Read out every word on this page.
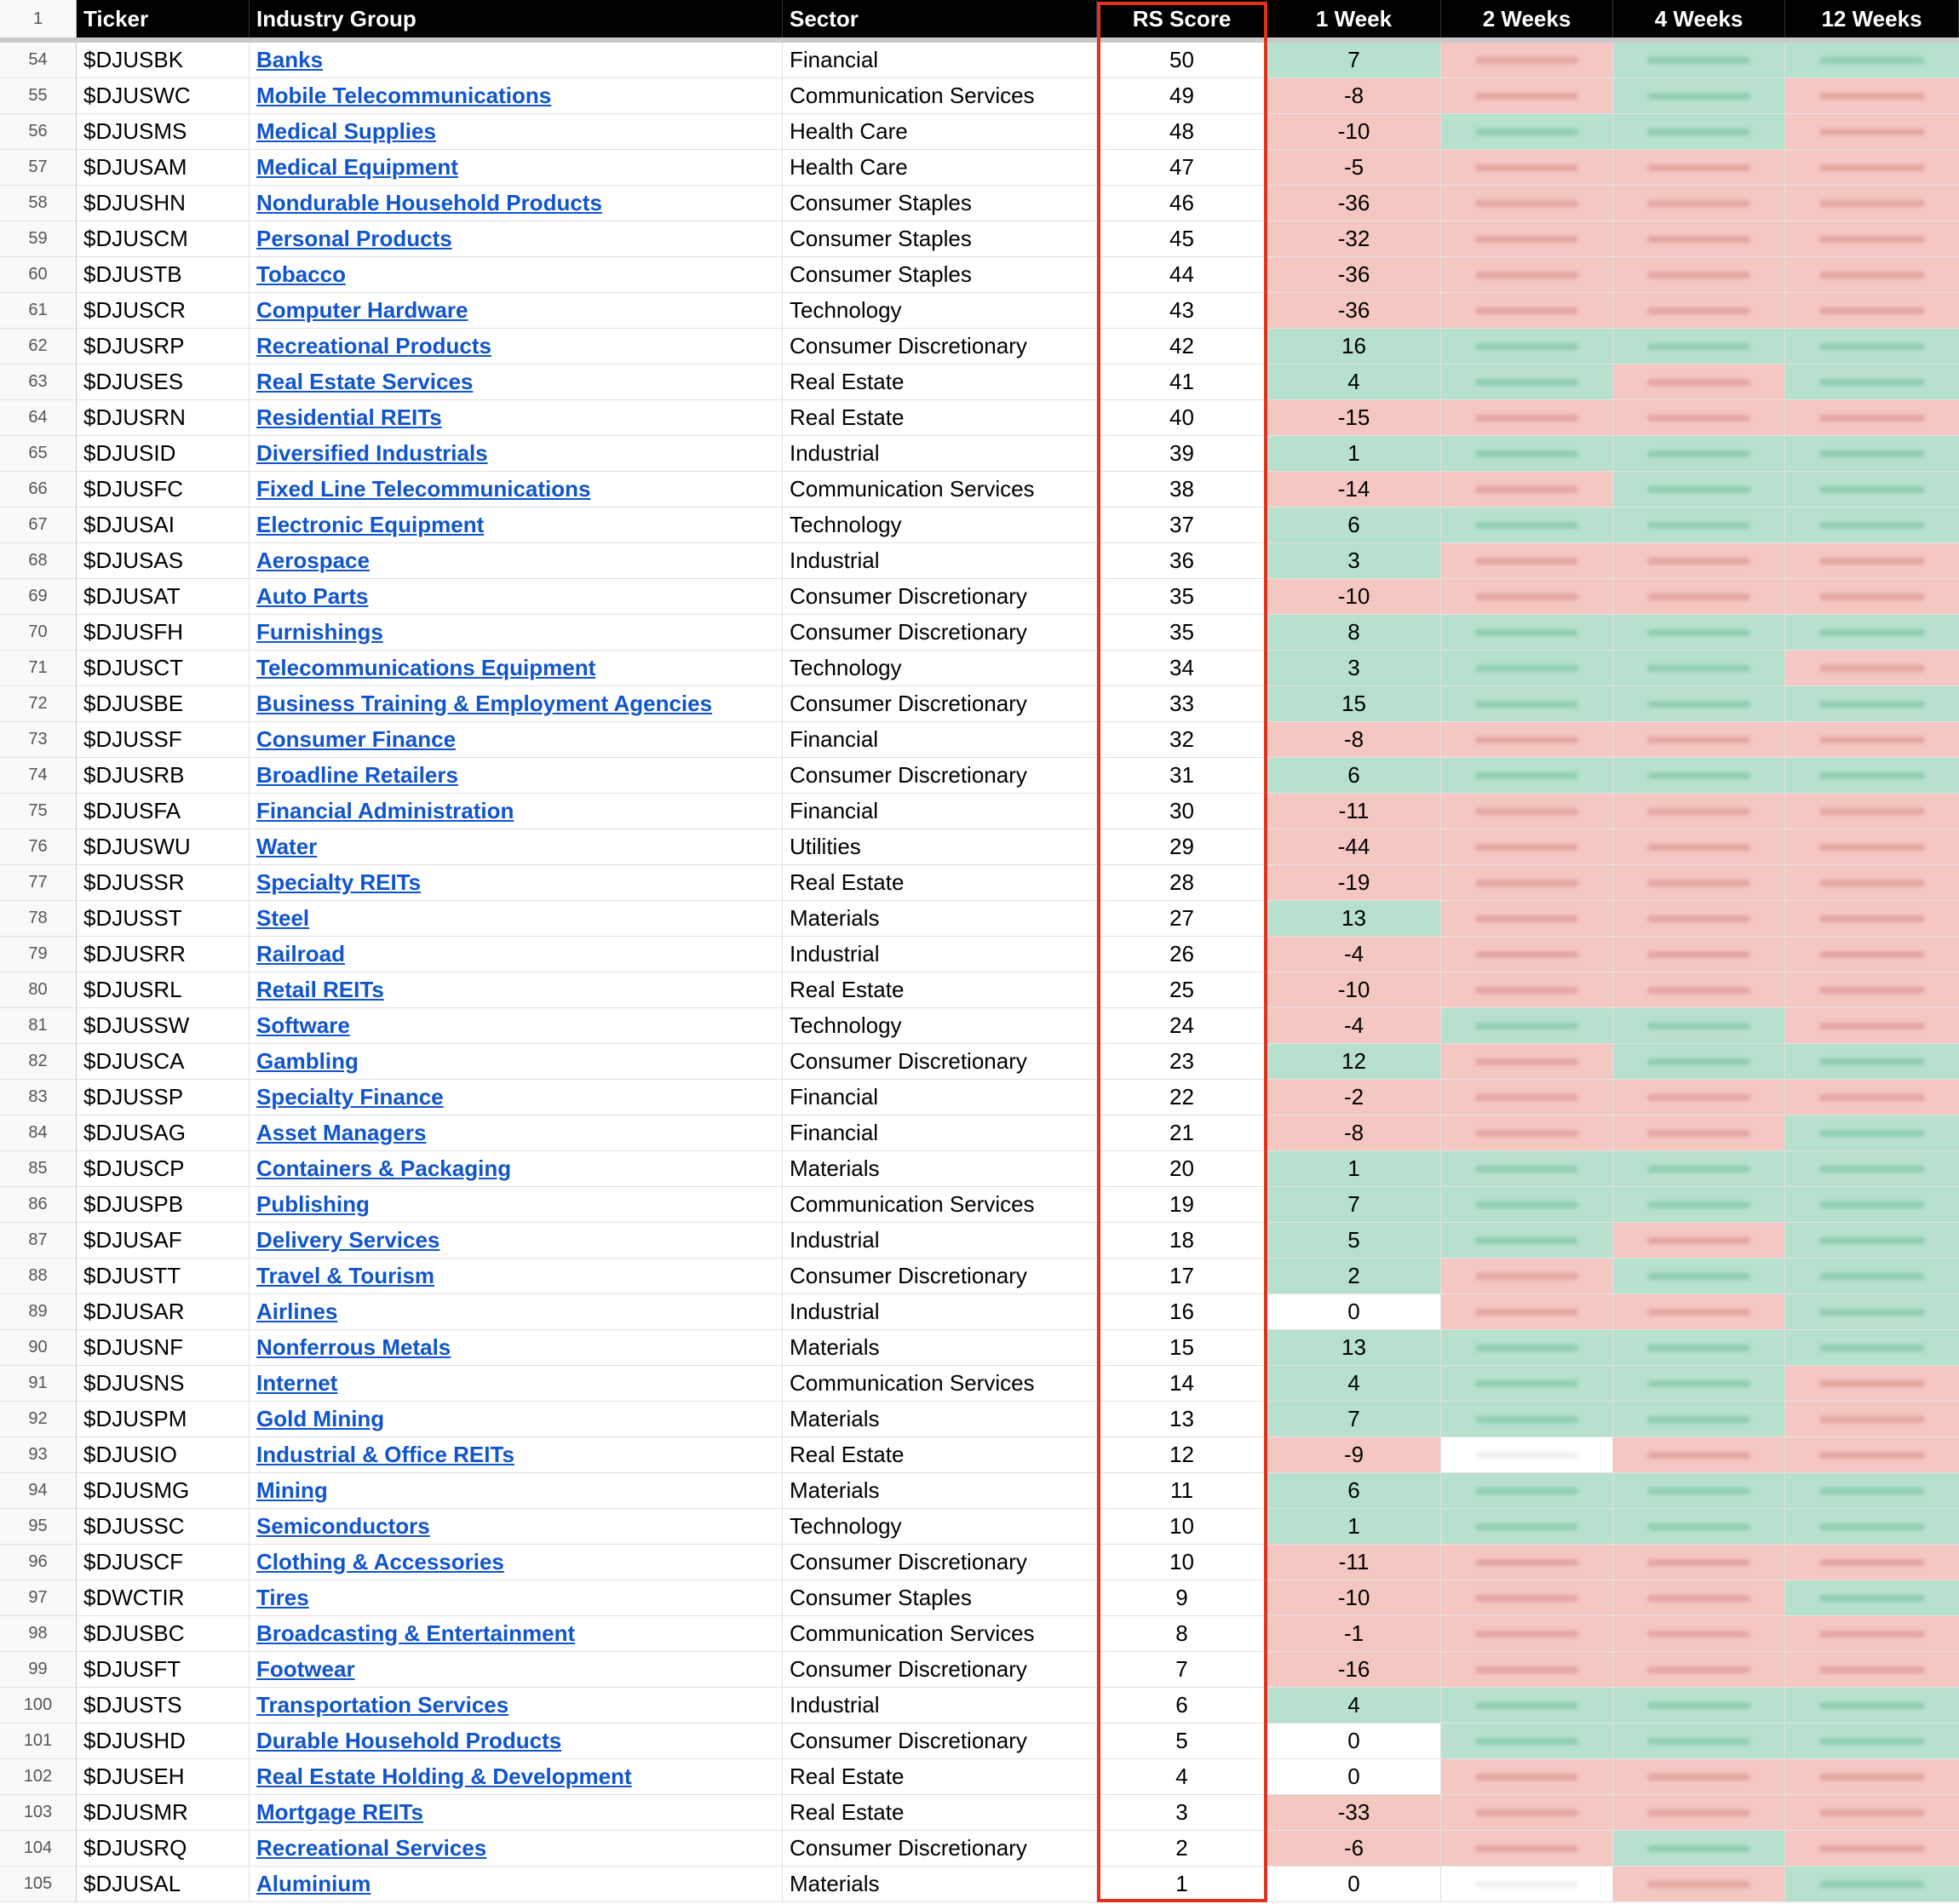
1	Ticker	Industry Group	Sector	RS Score	1 Week	2 Weeks	4 Weeks	12 Weeks
54	$DJUSBK	Banks	Financial	50	7
55	$DJUSWC	Mobile Telecommunications	Communication Services	49	-8
56	$DJUSMS	Medical Supplies	Health Care	48	-10
57	$DJUSAM	Medical Equipment	Health Care	47	-5
58	$DJUSHN	Nondurable Household Products	Consumer Staples	46	-36
59	$DJUSCM	Personal Products	Consumer Staples	45	-32
60	$DJUSTB	Tobacco	Consumer Staples	44	-36
61	$DJUSCR	Computer Hardware	Technology	43	-36
62	$DJUSRP	Recreational Products	Consumer Discretionary	42	16
63	$DJUSES	Real Estate Services	Real Estate	41	4
64	$DJUSRN	Residential REITs	Real Estate	40	-15
65	$DJUSID	Diversified Industrials	Industrial	39	1
66	$DJUSFC	Fixed Line Telecommunications	Communication Services	38	-14
67	$DJUSAI	Electronic Equipment	Technology	37	6
68	$DJUSAS	Aerospace	Industrial	36	3
69	$DJUSAT	Auto Parts	Consumer Discretionary	35	-10
70	$DJUSFH	Furnishings	Consumer Discretionary	35	8
71	$DJUSCT	Telecommunications Equipment	Technology	34	3
72	$DJUSBE	Business Training & Employment Agencies	Consumer Discretionary	33	15
73	$DJUSSF	Consumer Finance	Financial	32	-8
74	$DJUSRB	Broadline Retailers	Consumer Discretionary	31	6
75	$DJUSFA	Financial Administration	Financial	30	-11
76	$DJUSWU	Water	Utilities	29	-44
77	$DJUSSR	Specialty REITs	Real Estate	28	-19
78	$DJUSST	Steel	Materials	27	13
79	$DJUSRR	Railroad	Industrial	26	-4
80	$DJUSRL	Retail REITs	Real Estate	25	-10
81	$DJUSSW	Software	Technology	24	-4
82	$DJUSCA	Gambling	Consumer Discretionary	23	12
83	$DJUSSP	Specialty Finance	Financial	22	-2
84	$DJUSAG	Asset Managers	Financial	21	-8
85	$DJUSCP	Containers & Packaging	Materials	20	1
86	$DJUSPB	Publishing	Communication Services	19	7
87	$DJUSAF	Delivery Services	Industrial	18	5
88	$DJUSTT	Travel & Tourism	Consumer Discretionary	17	2
89	$DJUSAR	Airlines	Industrial	16	0
90	$DJUSNF	Nonferrous Metals	Materials	15	13
91	$DJUSNS	Internet	Communication Services	14	4
92	$DJUSPM	Gold Mining	Materials	13	7
93	$DJUSIO	Industrial & Office REITs	Real Estate	12	-9
94	$DJUSMG	Mining	Materials	11	6
95	$DJUSSC	Semiconductors	Technology	10	1
96	$DJUSCF	Clothing & Accessories	Consumer Discretionary	10	-11
97	$DWCTIR	Tires	Consumer Staples	9	-10
98	$DJUSBC	Broadcasting & Entertainment	Communication Services	8	-1
99	$DJUSFT	Footwear	Consumer Discretionary	7	-16
100	$DJUSTS	Transportation Services	Industrial	6	4
101	$DJUSHD	Durable Household Products	Consumer Discretionary	5	0
102	$DJUSEH	Real Estate Holding & Development	Real Estate	4	0
103	$DJUSMR	Mortgage REITs	Real Estate	3	-33
104	$DJUSRQ	Recreational Services	Consumer Discretionary	2	-6
105	$DJUSAL	Aluminium	Materials	1	0
